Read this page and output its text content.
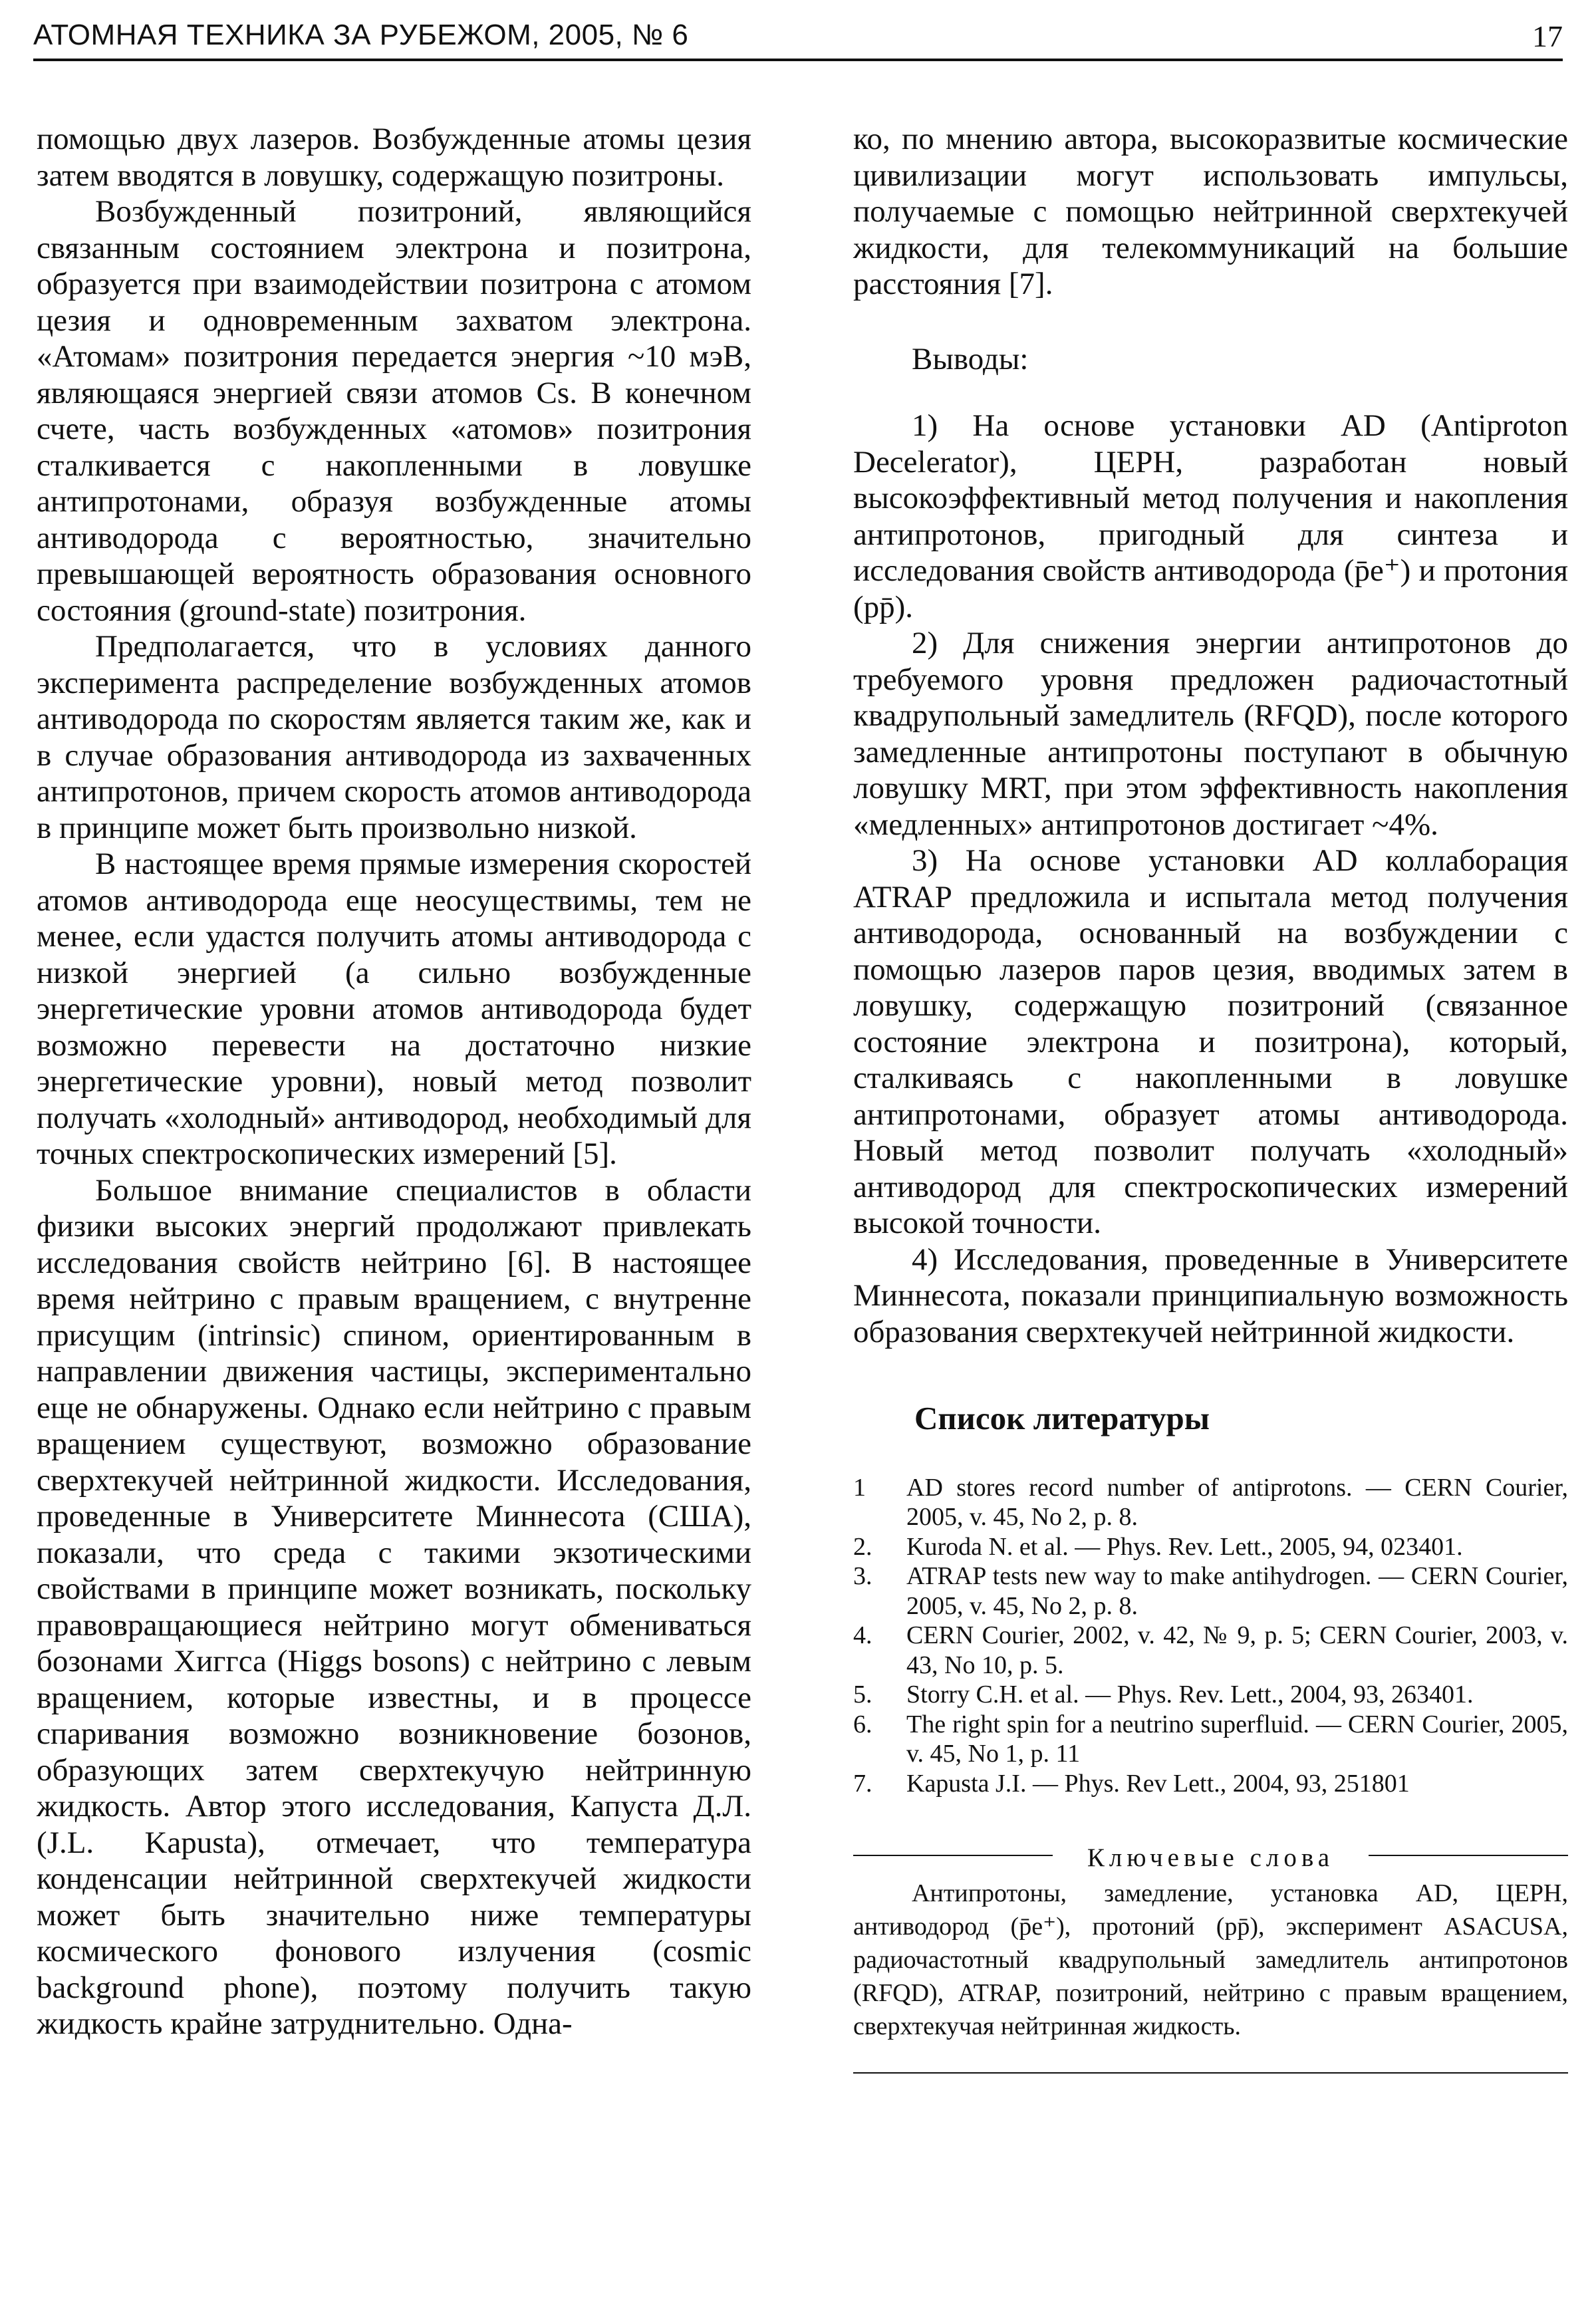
АТОМНАЯ ТЕХНИКА ЗА РУБЕЖОМ, 2005, № 6	17

помощью двух лазеров. Возбужденные атомы цезия затем вводятся в ловушку, содержащую позитроны.

Возбужденный позитроний, являющийся связанным состоянием электрона и позитрона, образуется при взаимодействии позитрона с атомом цезия и одновременным захватом электрона. «Атомам» позитрония передается энергия ~10 мэВ, являющаяся энергией связи атомов Cs. В конечном счете, часть возбужденных «атомов» позитрония сталкивается с накопленными в ловушке антипротонами, образуя возбужденные атомы антиводорода с вероятностью, значительно превышающей вероятность образования основного состояния (ground-state) позитрония.

Предполагается, что в условиях данного эксперимента распределение возбужденных атомов антиводорода по скоростям является таким же, как и в случае образования антиводорода из захваченных антипротонов, причем скорость атомов антиводорода в принципе может быть произвольно низкой.

В настоящее время прямые измерения скоростей атомов антиводорода еще неосуществимы, тем не менее, если удастся получить атомы антиводорода с низкой энергией (а сильно возбужденные энергетические уровни атомов антиводорода будет возможно перевести на достаточно низкие энергетические уровни), новый метод позволит получать «холодный» антиводород, необходимый для точных спектроскопических измерений [5].

Большое внимание специалистов в области физики высоких энергий продолжают привлекать исследования свойств нейтрино [6]. В настоящее время нейтрино с правым вращением, с внутренне присущим (intrinsic) спином, ориентированным в направлении движения частицы, экспериментально еще не обнаружены. Однако если нейтрино с правым вращением существуют, возможно образование сверхтекучей нейтринной жидкости. Исследования, проведенные в Университете Миннесота (США), показали, что среда с такими экзотическими свойствами в принципе может возникать, поскольку правовращающиеся нейтрино могут обмениваться бозонами Хиггса (Higgs bosons) с нейтрино с левым вращением, которые известны, и в процессе спаривания возможно возникновение бозонов, образующих затем сверхтекучую нейтринную жидкость. Автор этого исследования, Капуста Д.Л. (J.L. Kapusta), отмечает, что температура конденсации нейтринной сверхтекучей жидкости может быть значительно ниже температуры космического фонового излучения (cosmic background phone), поэтому получить такую жидкость крайне затруднительно. Одна-

ко, по мнению автора, высокоразвитые космические цивилизации могут использовать импульсы, получаемые с помощью нейтринной сверхтекучей жидкости, для телекоммуникаций на большие расстояния [7].

Выводы:

1) На основе установки AD (Antiproton Decelerator), ЦЕРН, разработан новый высокоэффективный метод получения и накопления антипротонов, пригодный для синтеза и исследования свойств антиводорода (p̄e⁺) и протония (pp̄).

2) Для снижения энергии антипротонов до требуемого уровня предложен радиочастотный квадрупольный замедлитель (RFQD), после которого замедленные антипротоны поступают в обычную ловушку MRT, при этом эффективность накопления «медленных» антипротонов достигает ~4%.

3) На основе установки AD коллаборация ATRAP предложила и испытала метод получения антиводорода, основанный на возбуждении с помощью лазеров паров цезия, вводимых затем в ловушку, содержащую позитроний (связанное состояние электрона и позитрона), который, сталкиваясь с накопленными в ловушке антипротонами, образует атомы антиводорода. Новый метод позволит получать «холодный» антиводород для спектроскопических измерений высокой точности.

4) Исследования, проведенные в Университете Миннесота, показали принципиальную возможность образования сверхтекучей нейтринной жидкости.

Список литературы
1 AD stores record number of antiprotons. — CERN Courier, 2005, v. 45, No 2, p. 8.
2. Kuroda N. et al. — Phys. Rev. Lett., 2005, 94, 023401.
3. ATRAP tests new way to make antihydrogen. — CERN Courier, 2005, v. 45, No 2, p. 8.
4. CERN Courier, 2002, v. 42, № 9, p. 5; CERN Courier, 2003, v. 43, No 10, p. 5.
5. Storry C.H. et al. — Phys. Rev. Lett., 2004, 93, 263401.
6. The right spin for a neutrino superfluid. — CERN Courier, 2005, v. 45, No 1, p. 11
7. Kapusta J.I. — Phys. Rev Lett., 2004, 93, 251801
Ключевые слова

Антипротоны, замедление, установка AD, ЦЕРН, антиводород (p̄e⁺), протоний (pp̄), эксперимент ASACUSA, радиочастотный квадрупольный замедлитель антипротонов (RFQD), ATRAP, позитроний, нейтрино с правым вращением, сверхтекучая нейтринная жидкость.
